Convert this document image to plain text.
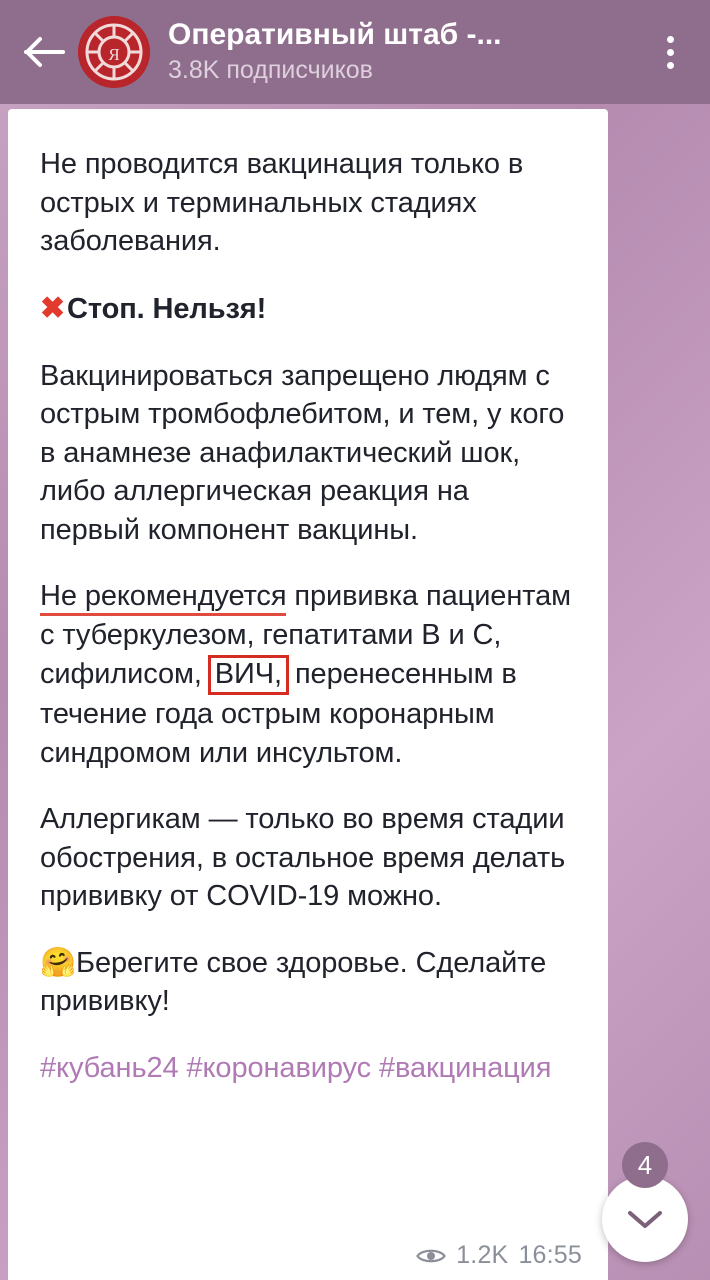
Я
Оперативный штаб -...
3.8K подписчиков

Не проводится вакцинация только в острых и терминальных стадиях заболевания.

✖Стоп. Нельзя!

Вакцинироваться запрещено людям с острым тромбофлебитом, и тем, у кого в анамнезе анафилактический шок, либо аллергическая реакция на первый компонент вакцины.

Не рекомендуется прививка пациентам с туберкулезом, гепатитами В и С, сифилисом, ВИЧ, перенесенным в течение года острым коронарным синдромом или инсультом.

Аллергикам — только во время стадии обострения, в остальное время делать прививку от COVID-19 можно.

🤗Берегите свое здоровье. Сделайте прививку!

#кубань24 #коронавирус #вакцинация

1.2K 16:55
4
